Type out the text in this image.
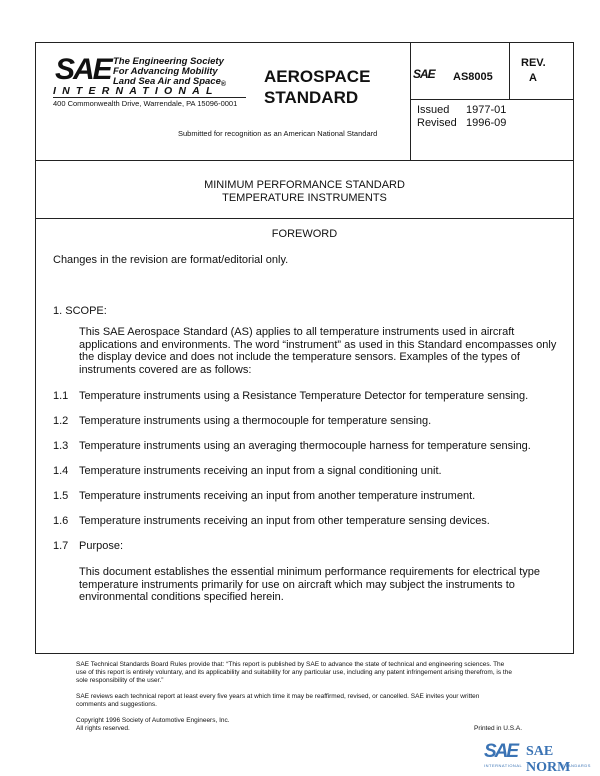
SAE The Engineering Society
For Advancing Mobility
Land Sea Air and Space$_®$
INTERNATIONAL
400 Commonwealth Drive, Warrendale, PA 15096-0001
AEROSPACE
STANDARD
Submitted for recognition as an American National Standard
SAE AS8005
REV.
A
Issued 1977-01
Revised 1996-09
MINIMUM PERFORMANCE STANDARD
TEMPERATURE INSTRUMENTS
FOREWORD
Changes in the revision are format/editorial only.
1. SCOPE:
This SAE Aerospace Standard (AS) applies to all temperature instruments used in aircraft
applications and environments. The word “instrument” as used in this Standard encompasses only
the display device and does not include the temperature sensors. Examples of the types of
instruments covered are as follows:
1.1 Temperature instruments using a Resistance Temperature Detector for temperature sensing.
1.2 Temperature instruments using a thermocouple for temperature sensing.
1.3 Temperature instruments using an averaging thermocouple harness for temperature sensing.
1.4 Temperature instruments receiving an input from a signal conditioning unit.
1.5 Temperature instruments receiving an input from another temperature instrument.
1.6 Temperature instruments receiving an input from other temperature sensing devices.
1.7 Purpose:
This document establishes the essential minimum performance requirements for electrical type
temperature instruments primarily for use on aircraft which may subject the instruments to
environmental conditions specified herein.
SAE Technical Standards Board Rules provide that: “This report is published by SAE to advance the state of technical and engineering sciences. The
use of this report is entirely voluntary, and its applicability and suitability for any particular use, including any patent infringement arising therefrom, is the
sole responsibility of the user.”
SAE reviews each technical report at least every five years at which time it may be reaffirmed, revised, or cancelled. SAE invites your written
comments and suggestions.
Copyright 1996 Society of Automotive Engineers, Inc.
All rights reserved.	Printed in U.S.A.
SAE SAE NORM
INTERNATIONAL	STANDARDS
